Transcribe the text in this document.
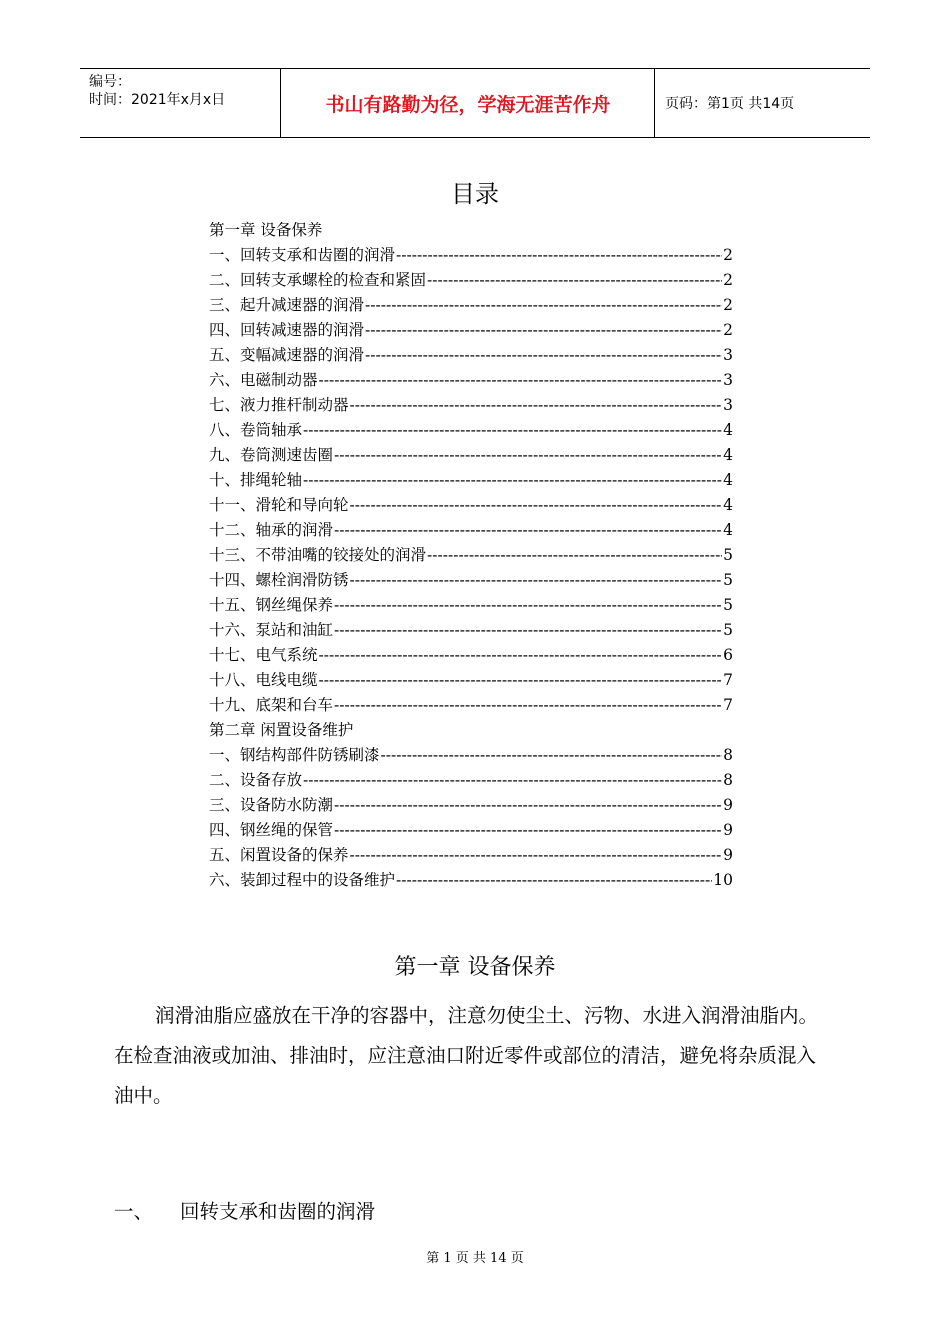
编号：
时间：2021年x月x日	书山有路勤为径，学海无涯苦作舟	页码：第1页 共14页
目录
第一章 设备保养
一、回转支承和齿圈的润滑 -----	2
二、回转支承螺栓的检查和紧固 -----	2
三、起升减速器的润滑 -----	2
四、回转减速器的润滑 -----	2
五、变幅减速器的润滑 -----	3
六、电磁制动器 -----	3
七、液力推杆制动器 -----	3
八、卷筒轴承 -----	4
九、卷筒测速齿圈 -----	4
十、排绳轮轴 -----	4
十一、滑轮和导向轮 -----	4
十二、轴承的润滑 -----	4
十三、不带油嘴的铰接处的润滑 -----	5
十四、螺栓润滑防锈 -----	5
十五、钢丝绳保养 -----	5
十六、泵站和油缸 -----	5
十七、电气系统 -----	6
十八、电线电缆 -----	7
十九、底架和台车 -----	7
第二章 闲置设备维护
一、钢结构部件防锈刷漆 -----	8
二、设备存放 -----	8
三、设备防水防潮 -----	9
四、钢丝绳的保管 -----	9
五、闲置设备的保养 -----	9
六、装卸过程中的设备维护 -----	10
第一章 设备保养
润滑油脂应盛放在干净的容器中，注意勿使尘土、污物、水进入润滑油脂内。在检查油液或加油、排油时，应注意油口附近零件或部位的清洁，避免将杂质混入油中。
一、 回转支承和齿圈的润滑
第 1 页 共 14 页
